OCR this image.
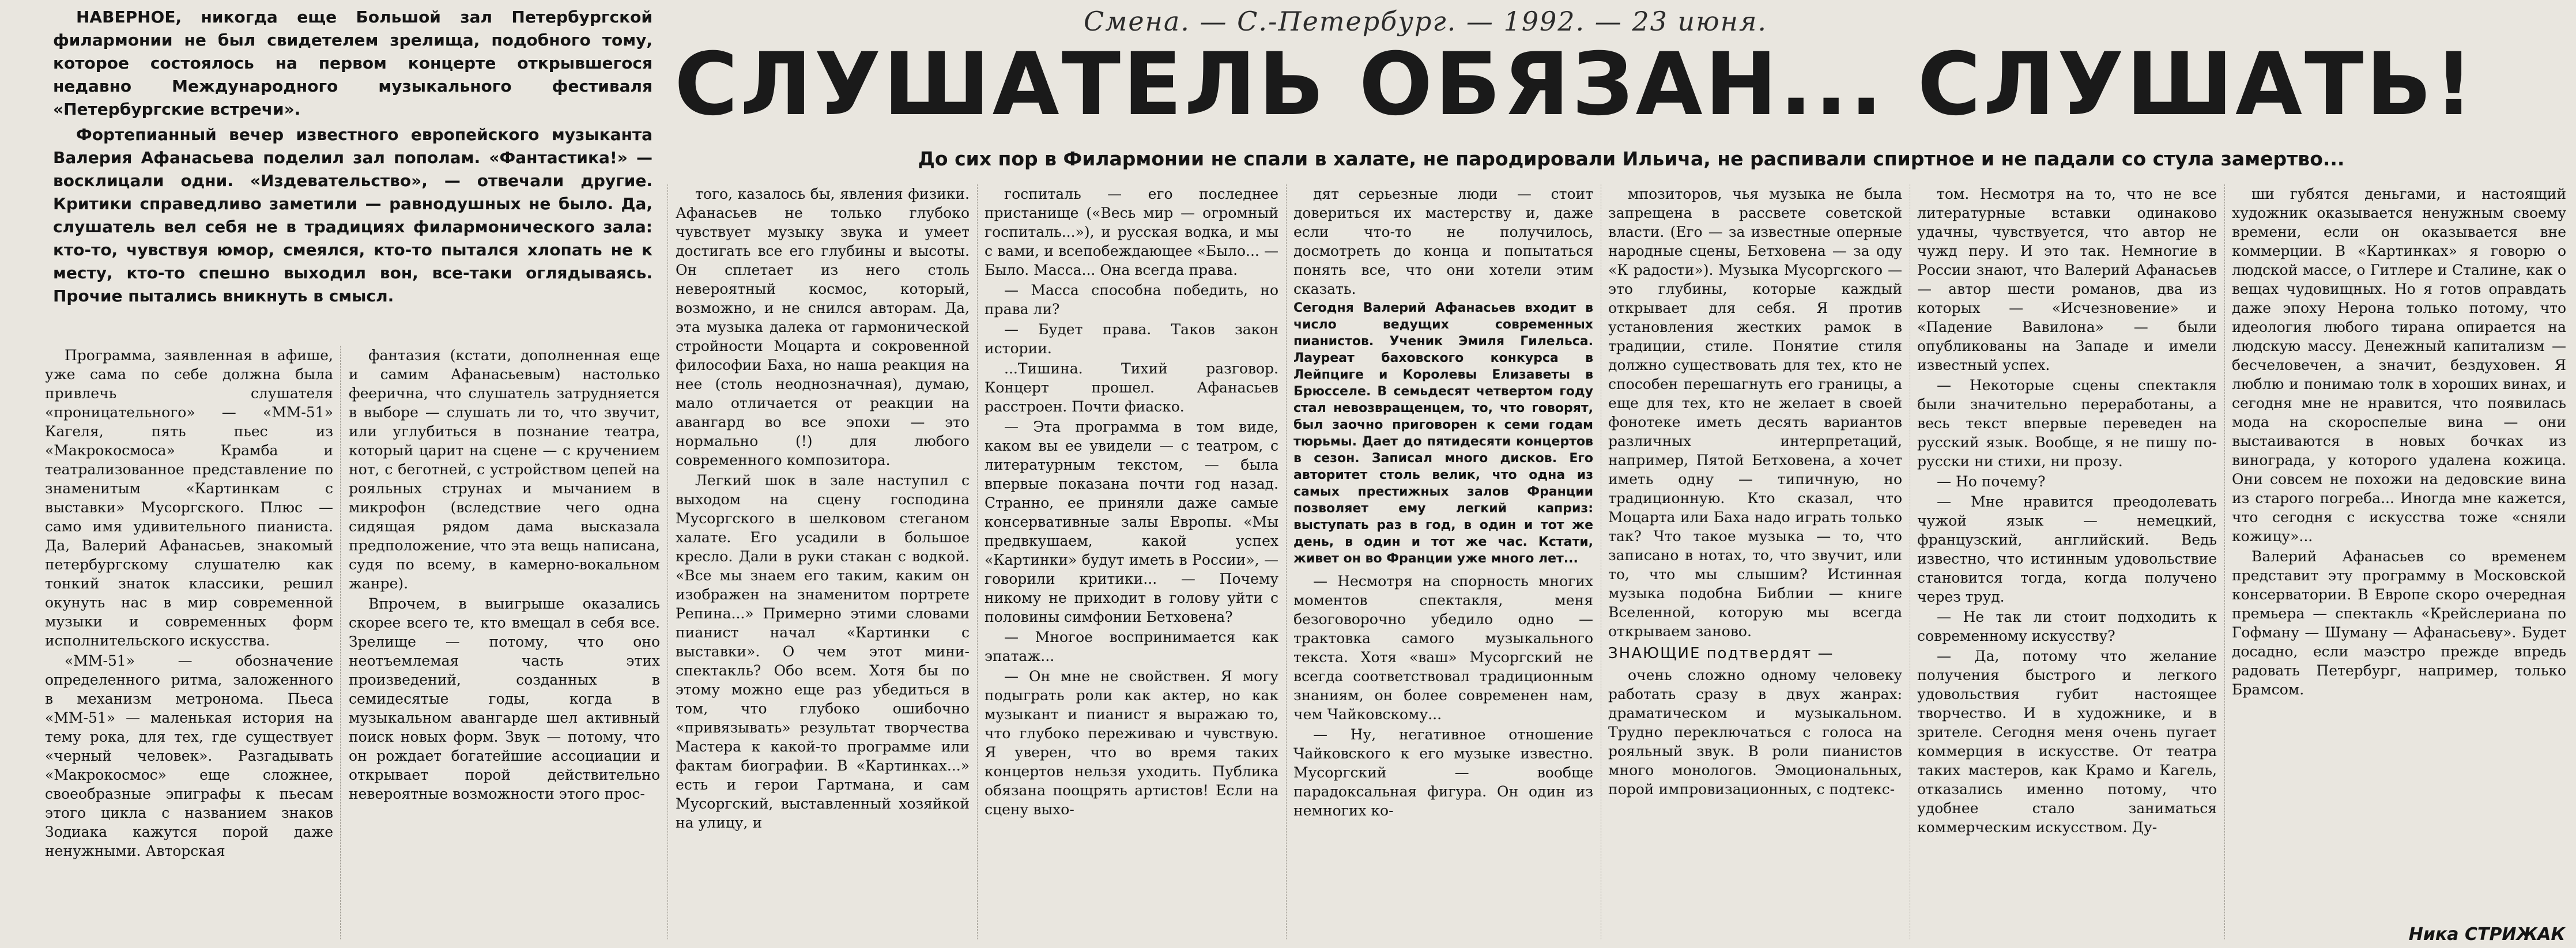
Смена. — С.-Петербург. — 1992. — 23 июня.

НАВЕРНОЕ, никогда еще Большой зал Петербургской филармонии не был свидетелем зрелища, подобного тому, которое состоялось на первом концерте открывшегося недавно Международного музыкального фестиваля «Петербургские встречи».

Фортепианный вечер известного европейского музыканта Валерия Афанасьева поделил зал пополам. «Фантастика!» — восклицали одни. «Издевательство», — отвечали другие. Критики справедливо заметили — равнодушных не было. Да, слушатель вел себя не в традициях филармонического зала: кто-то, чувствуя юмор, смеялся, кто-то пытался хлопать не к месту, кто-то спешно выходил вон, все-таки оглядываясь. Прочие пытались вникнуть в смысл.

СЛУШАТЕЛЬ ОБЯЗАН... СЛУШАТЬ!
До сих пор в Филармонии не спали в халате, не пародировали Ильича, не распивали спиртное и не падали со стула замертво...

Программа, заявленная в афише, уже сама по себе должна была привлечь слушателя «проницательного» — «ММ-51» Кагеля, пять пьес из «Макрокосмоса» Крамба и театрализованное представление по знаменитым «Картинкам с выставки» Мусоргского. Плюс — само имя удивительного пианиста. Да, Валерий Афанасьев, знакомый петербургскому слушателю как тонкий знаток классики, решил окунуть нас в мир современной музыки и современных форм исполнительского искусства.

«ММ-51» — обозначение определенного ритма, заложенного в механизм метронома. Пьеса «ММ-51» — маленькая история на тему рока, для тех, где существует «черный человек». Разгадывать «Макрокосмос» еще сложнее, своеобразные эпиграфы к пьесам этого цикла с названием знаков Зодиака кажутся порой даже ненужными. Авторская

фантазия (кстати, дополненная еще и самим Афанасьевым) настолько феерична, что слушатель затрудняется в выборе — слушать ли то, что звучит, или углубиться в познание театра, который царит на сцене — с кручением нот, с беготней, с устройством цепей на рояльных струнах и мычанием в микрофон (вследствие чего одна сидящая рядом дама высказала предположение, что эта вещь написана, судя по всему, в камерно-вокальном жанре).

Впрочем, в выигрыше оказались скорее всего те, кто вмещал в себя все. Зрелище — потому, что оно неотъемлемая часть этих произведений, созданных в семидесятые годы, когда в музыкальном авангарде шел активный поиск новых форм. Звук — потому, что он рождает богатейшие ассоциации и открывает порой действительно невероятные возможности этого прос-

того, казалось бы, явления физики. Афанасьев не только глубоко чувствует музыку звука и умеет достигать все его глубины и высоты. Он сплетает из него столь невероятный космос, который, возможно, и не снился авторам. Да, эта музыка далека от гармонической стройности Моцарта и сокровенной философии Баха, но наша реакция на нее (столь неоднозначная), думаю, мало отличается от реакции на авангард во все эпохи — это нормально (!) для любого современного композитора.

Легкий шок в зале наступил с выходом на сцену господина Мусоргского в шелковом стеганом халате. Его усадили в большое кресло. Дали в руки стакан с водкой. «Все мы знаем его таким, каким он изображен на знаменитом портрете Репина...» Примерно этими словами пианист начал «Картинки с выставки». О чем этот мини-спектакль? Обо всем. Хотя бы по этому можно еще раз убедиться в том, что глубоко ошибочно «привязывать» результат творчества Мастера к какой-то программе или фактам биографии. В «Картинках...» есть и герои Гартмана, и сам Мусоргский, выставленный хозяйкой на улицу, и

госпиталь — его последнее пристанище («Весь мир — огромный госпиталь...»), и русская водка, и мы с вами, и всепобеждающее «Было... — Было. Масса... Она всегда права.

— Масса способна победить, но права ли?

— Будет права. Таков закон истории.

...Тишина. Тихий разговор. Концерт прошел. Афанасьев расстроен. Почти фиаско.

— Эта программа в том виде, каком вы ее увидели — с театром, с литературным текстом, — была впервые показана почти год назад. Странно, ее приняли даже самые консервативные залы Европы. «Мы предвкушаем, какой успех «Картинки» будут иметь в России», — говорили критики... — Почему никому не приходит в голову уйти с половины симфонии Бетховена?

— Многое воспринимается как эпатаж...

— Он мне не свойствен. Я могу подыграть роли как актер, но как музыкант и пианист я выражаю то, что глубоко переживаю и чувствую. Я уверен, что во время таких концертов нельзя уходить. Публика обязана поощрять артистов! Если на сцену выхо-

дят серьезные люди — стоит довериться их мастерству и, даже если что-то не получилось, досмотреть до конца и попытаться понять все, что они хотели этим сказать.

Сегодня Валерий Афанасьев входит в число ведущих современных пианистов. Ученик Эмиля Гилельса. Лауреат баховского конкурса в Лейпциге и Королевы Елизаветы в Брюсселе. В семьдесят четвертом году стал невозвращенцем, то, что говорят, был заочно приговорен к семи годам тюрьмы. Дает до пятидесяти концертов в сезон. Записал много дисков. Его авторитет столь велик, что одна из самых престижных залов Франции позволяет ему легкий каприз: выступать раз в год, в один и тот же день, в один и тот же час. Кстати, живет он во Франции уже много лет...

— Несмотря на спорность многих моментов спектакля, меня безоговорочно убедило одно — трактовка самого музыкального текста. Хотя «ваш» Мусоргский не всегда соответствовал традиционным знаниям, он более современен нам, чем Чайковскому...

— Ну, негативное отношение Чайковского к его музыке известно. Мусоргский — вообще парадоксальная фигура. Он один из немногих ко-

мпозиторов, чья музыка не была запрещена в рассвете советской власти. (Его — за известные оперные народные сцены, Бетховена — за оду «К радости»). Музыка Мусоргского — это глубины, которые каждый открывает для себя. Я против установления жестких рамок в традиции, стиле. Понятие стиля должно существовать для тех, кто не способен перешагнуть его границы, а еще для тех, кто не желает в своей фонотеке иметь десять вариантов различных интерпретаций, например, Пятой Бетховена, а хочет иметь одну — типичную, но традиционную. Кто сказал, что Моцарта или Баха надо играть только так? Что такое музыка — то, что записано в нотах, то, что звучит, или то, что мы слышим? Истинная музыка подобна Библии — книге Вселенной, которую мы всегда открываем заново.

ЗНАЮЩИЕ подтвердят —

очень сложно одному человеку работать сразу в двух жанрах: драматическом и музыкальном. Трудно переключаться с голоса на рояльный звук. В роли пианистов много монологов. Эмоциональных, порой импровизационных, с подтекс-

том. Несмотря на то, что не все литературные вставки одинаково удачны, чувствуется, что автор не чужд перу. И это так. Немногие в России знают, что Валерий Афанасьев — автор шести романов, два из которых — «Исчезновение» и «Падение Вавилона» — были опубликованы на Западе и имели известный успех.

— Некоторые сцены спектакля были значительно переработаны, а весь текст впервые переведен на русский язык. Вообще, я не пишу по-русски ни стихи, ни прозу.

— Но почему?

— Мне нравится преодолевать чужой язык — немецкий, французский, английский. Ведь известно, что истинным удовольствие становится тогда, когда получено через труд.

— Не так ли стоит подходить к современному искусству?

— Да, потому что желание получения быстрого и легкого удовольствия губит настоящее творчество. И в художнике, и в зрителе. Сегодня меня очень пугает коммерция в искусстве. От театра таких мастеров, как Крамо и Кагель, отказались именно потому, что удобнее стало заниматься коммерческим искусством. Ду-

ши губятся деньгами, и настоящий художник оказывается ненужным своему времени, если он оказывается вне коммерции. В «Картинках» я говорю о людской массе, о Гитлере и Сталине, как о вещах чудовищных. Но я готов оправдать даже эпоху Нерона только потому, что идеология любого тирана опирается на людскую массу. Денежный капитализм — бесчеловечен, а значит, бездухoвен. Я люблю и понимаю толк в хороших винах, и сегодня мне не нравится, что появилась мода на скороспелые вина — они выстаиваются в новых бочках из винограда, у которого удалена кожица. Они совсем не похожи на дедовские вина из старого погреба... Иногда мне кажется, что сегодня с искусства тоже «сняли кожицу»...

Валерий Афанасьев со временем представит эту программу в Московской консерватории. В Европе скоро очередная премьера — спектакль «Крейслериана по Гофману — Шуману — Афанасьеву». Будет досадно, если маэстро прежде впредь радовать Петербург, например, только Брамсом.

Ника СТРИЖАК
